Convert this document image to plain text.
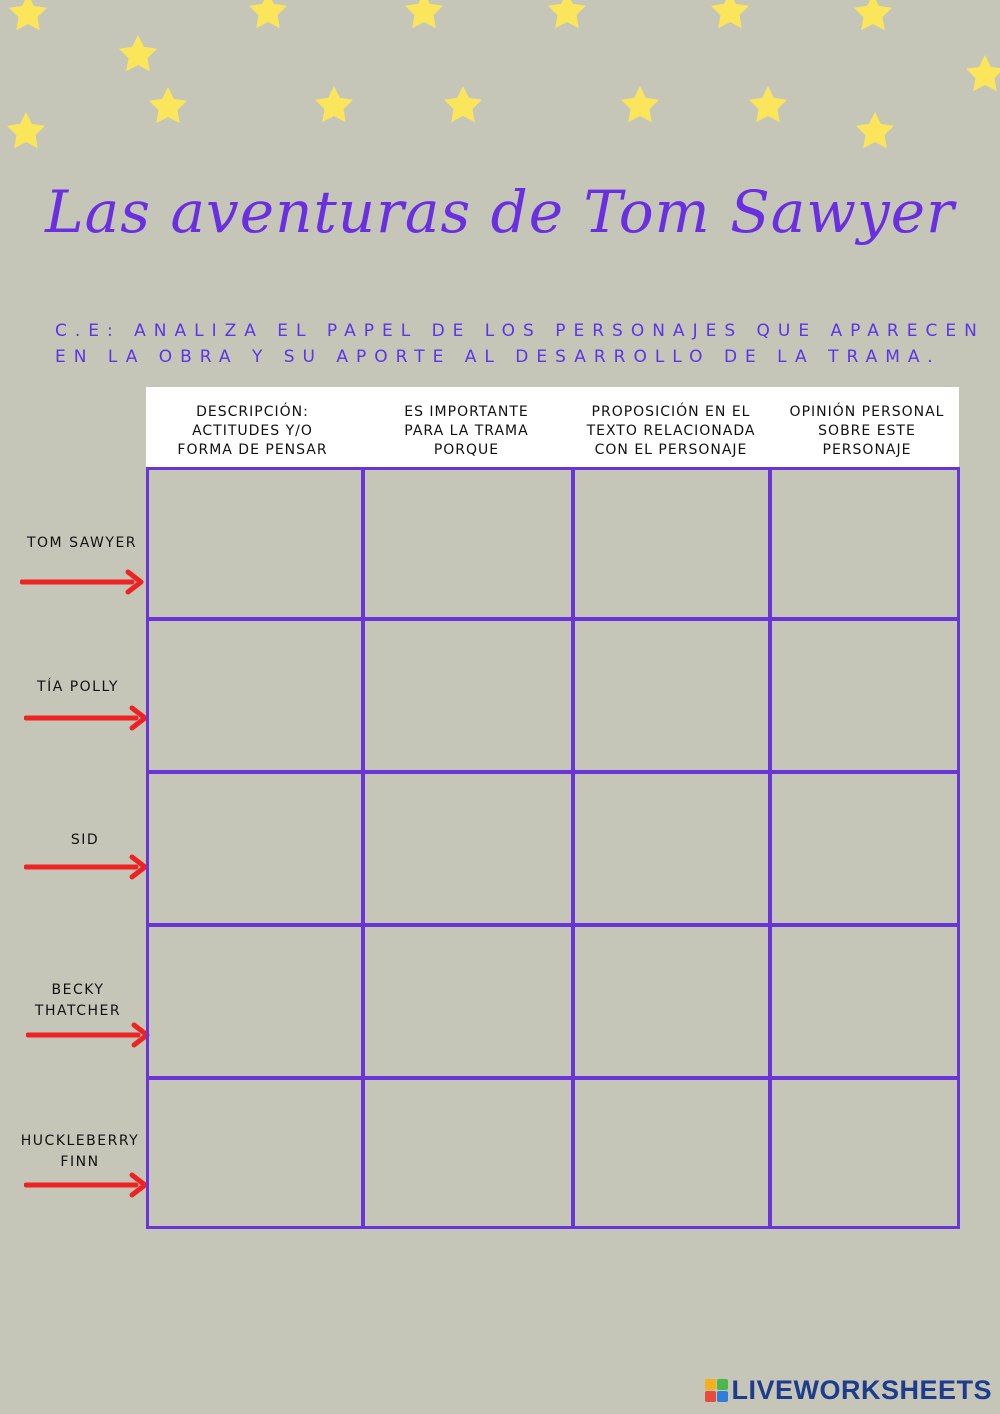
Las aventuras de Tom Sawyer
C.E: ANALIZA EL PAPEL DE LOS PERSONAJES QUE APARECEN EN LA OBRA Y SU APORTE AL DESARROLLO DE LA TRAMA.
DESCRIPCIÓN:
ACTITUDES Y/O
FORMA DE PENSAR
ES IMPORTANTE
PARA LA TRAMA
PORQUE
PROPOSICIÓN EN EL
TEXTO RELACIONADA
CON EL PERSONAJE
OPINIÓN PERSONAL
SOBRE ESTE
PERSONAJE
TOM SAWYER
TÍA POLLY
SID
BECKY
THATCHER
HUCKLEBERRY
FINN
LIVEWORKSHEETS
